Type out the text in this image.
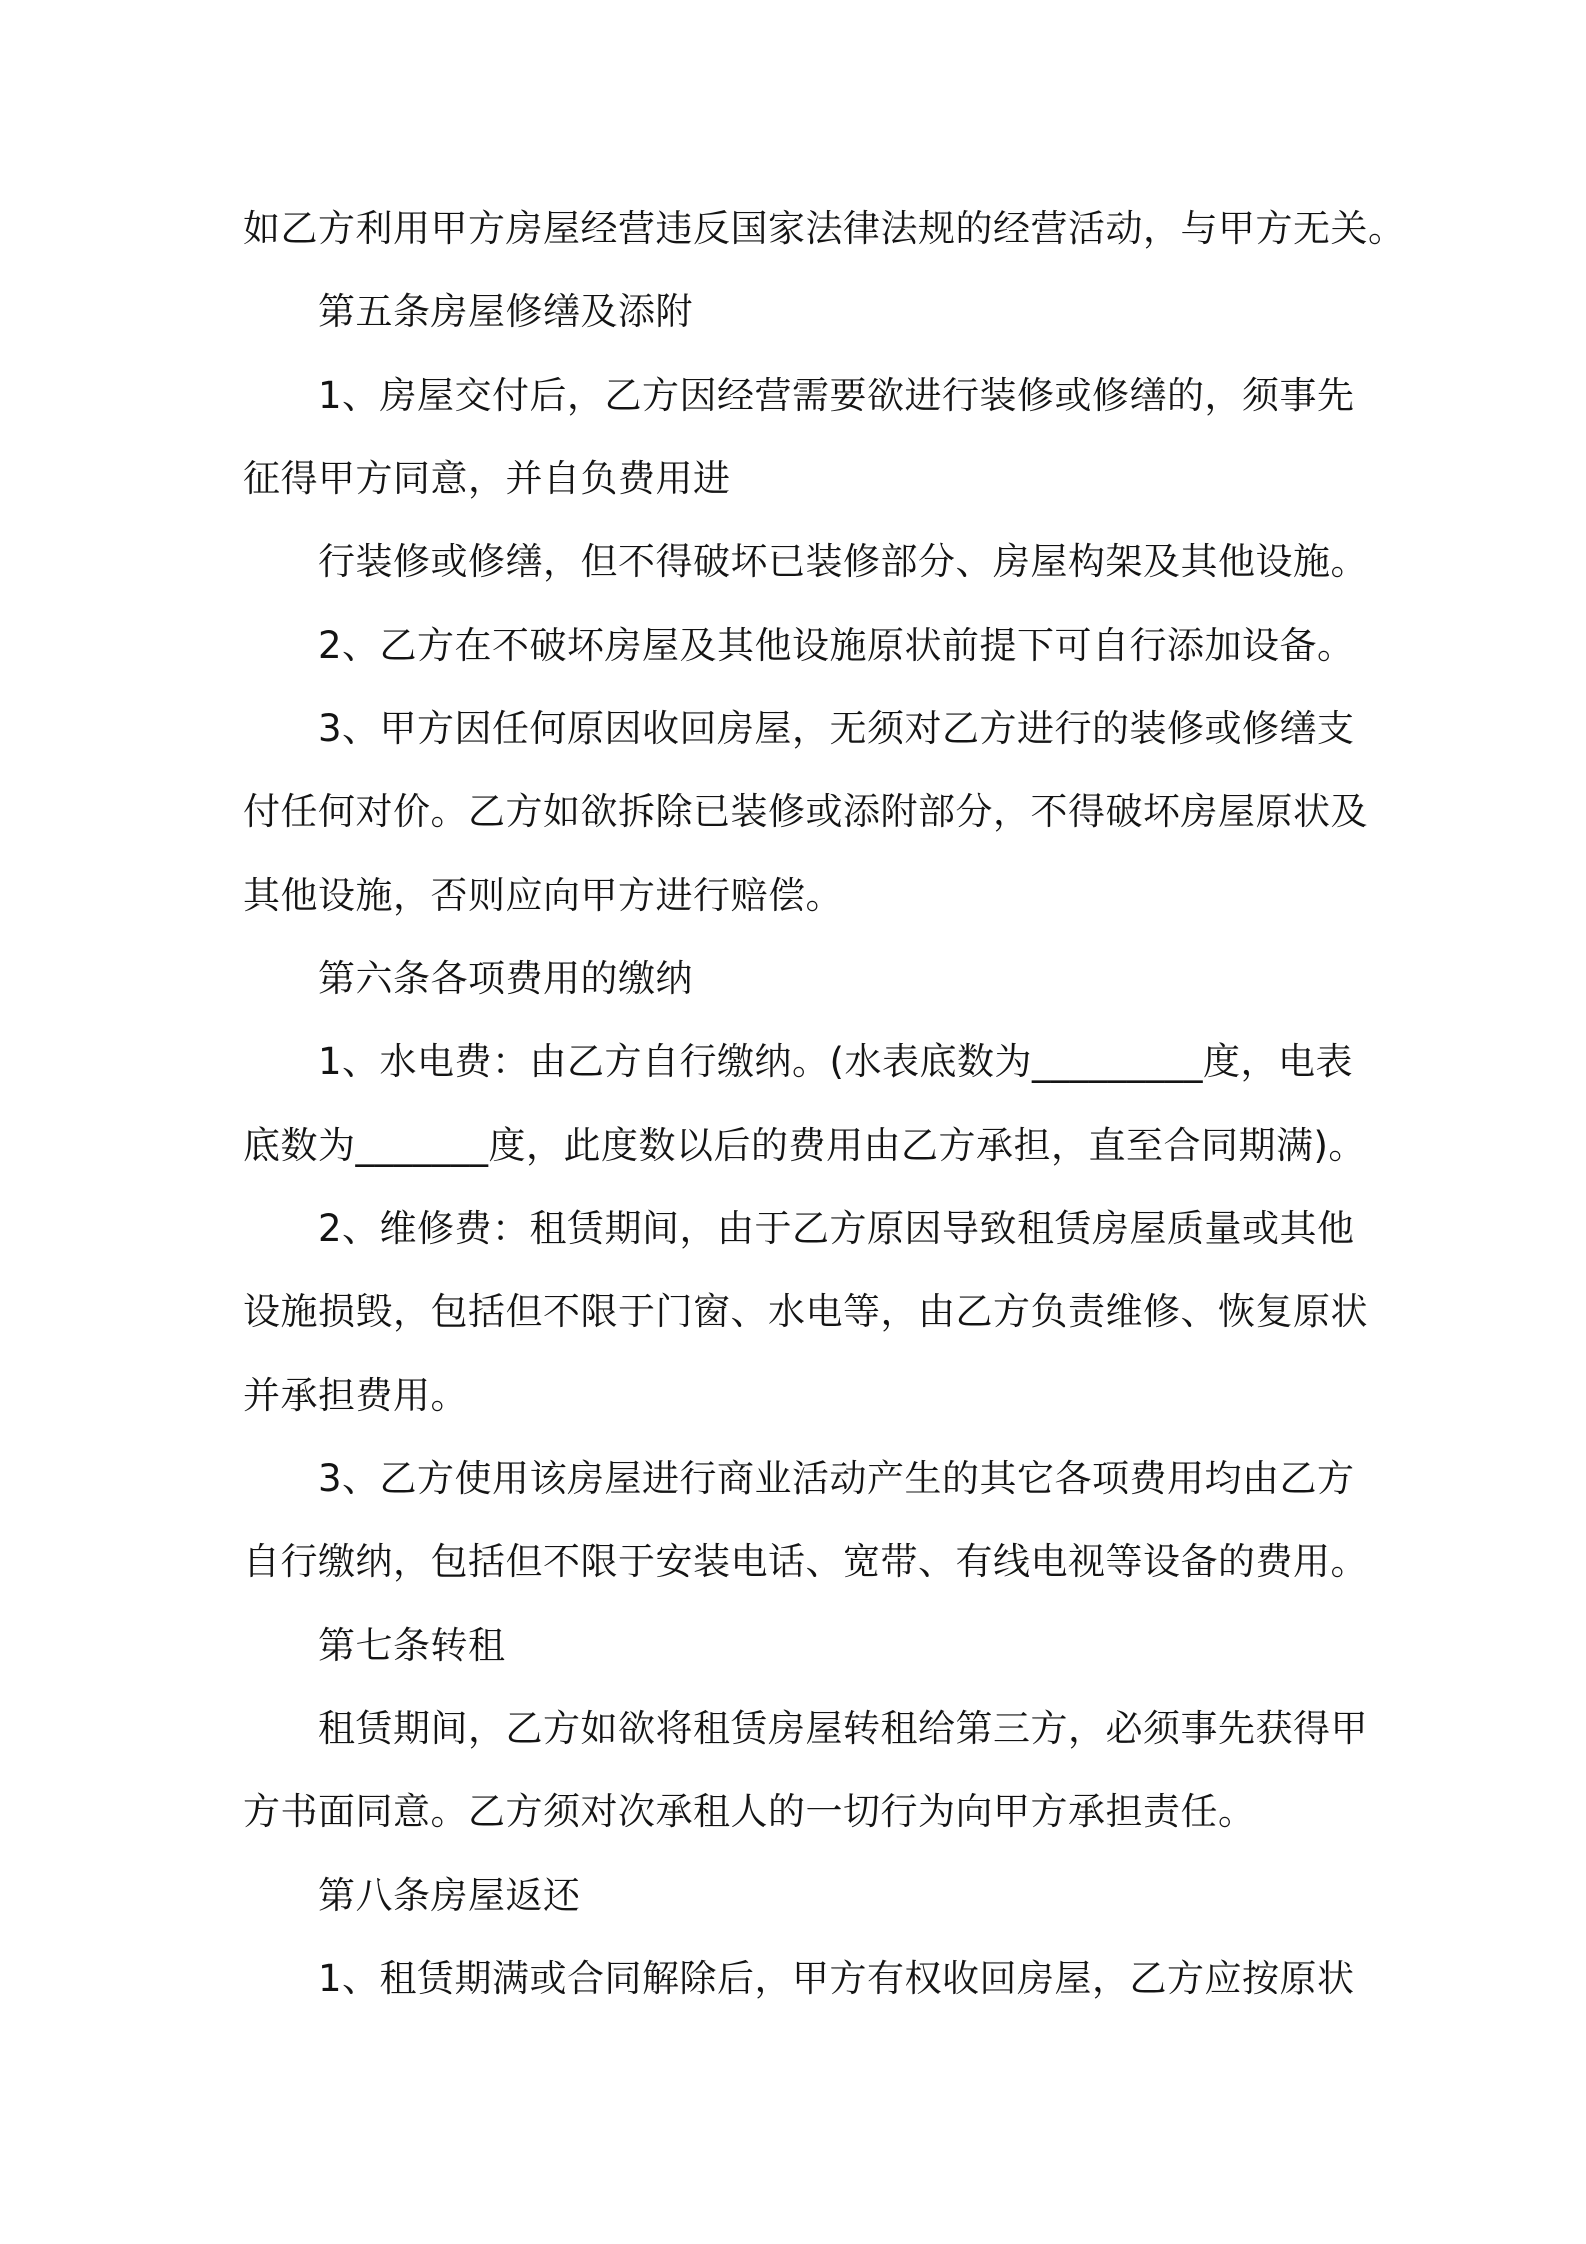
如乙方利用甲方房屋经营违反国家法律法规的经营活动，与甲方无关。
第五条房屋修缮及添附
1、房屋交付后，乙方因经营需要欲进行装修或修缮的，须事先
征得甲方同意，并自负费用进
行装修或修缮，但不得破坏已装修部分、房屋构架及其他设施。
2、乙方在不破坏房屋及其他设施原状前提下可自行添加设备。
3、甲方因任何原因收回房屋，无须对乙方进行的装修或修缮支
付任何对价。乙方如欲拆除已装修或添附部分，不得破坏房屋原状及
其他设施，否则应向甲方进行赔偿。
第六条各项费用的缴纳
1、水电费：由乙方自行缴纳。(水表底数为_________度，电表
底数为_______度，此度数以后的费用由乙方承担，直至合同期满)。
2、维修费：租赁期间，由于乙方原因导致租赁房屋质量或其他
设施损毁，包括但不限于门窗、水电等，由乙方负责维修、恢复原状
并承担费用。
3、乙方使用该房屋进行商业活动产生的其它各项费用均由乙方
自行缴纳，包括但不限于安装电话、宽带、有线电视等设备的费用。
第七条转租
租赁期间，乙方如欲将租赁房屋转租给第三方，必须事先获得甲
方书面同意。乙方须对次承租人的一切行为向甲方承担责任。
第八条房屋返还
1、租赁期满或合同解除后，甲方有权收回房屋，乙方应按原状
